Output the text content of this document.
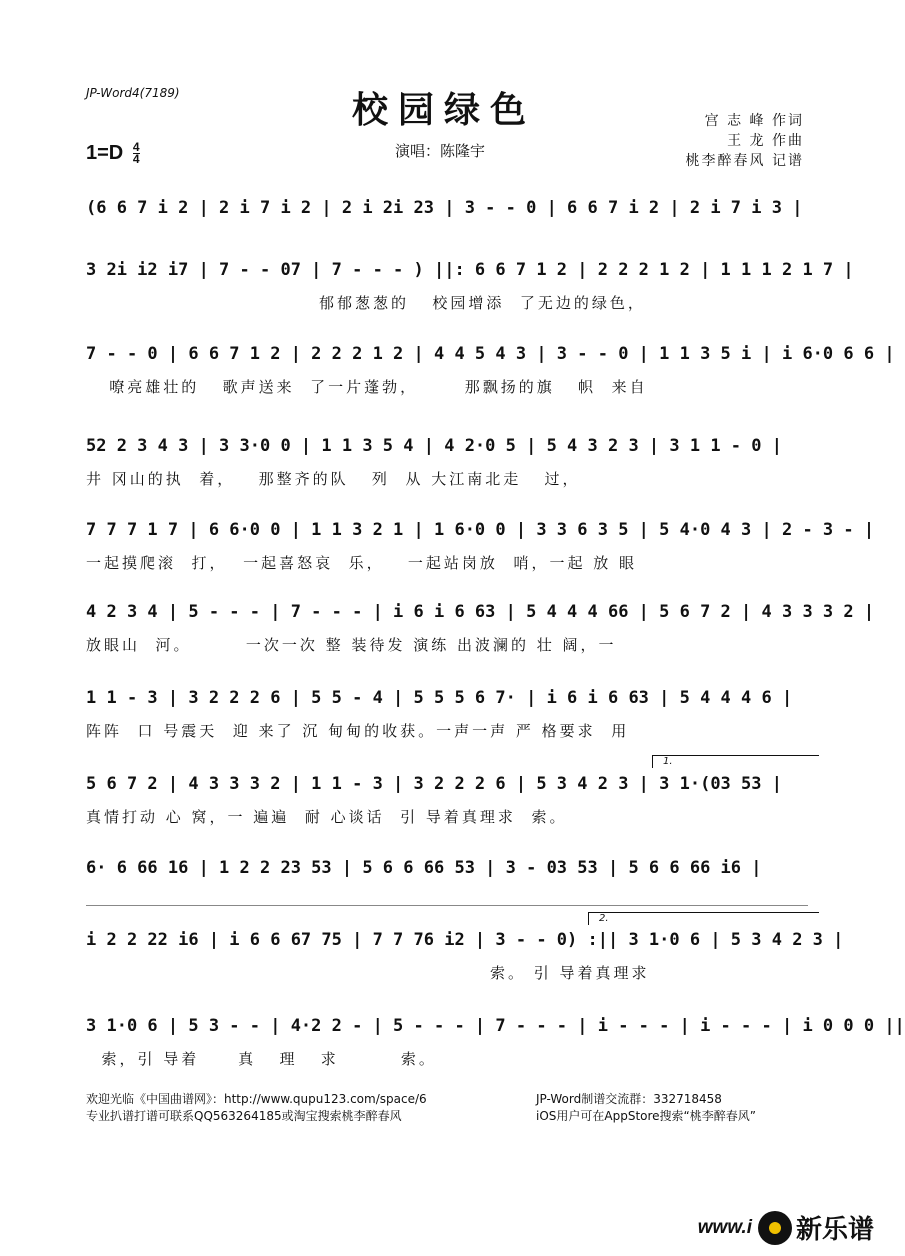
JP-Word4(7189)	校园绿色
$1=D \frac{4}{4}$	演唱：陈隆宇
宫 志 峰 作词
王 龙 作曲
桃李醉春风 记谱
(6 6 7 i 2 | 2 i 7 i 2 | 2 i 2i 23 | 3 - - 0 | 6 6 7 i 2 | 2 i 7 i 3 |
3 2i i2 i7 | 7 - - 07 | 7 - - - ) ||: 6 6 7 1 2 | 2 2 2 1 2 | 1 1 1 2 1 7 |
郁郁葱葱的   校园增添  了无边的绿色，
7 - - 0 | 6 6 7 1 2 | 2 2 2 1 2 | 4 4 5 4 3 | 3 - - 0 | 1 1 3 5 i | i 6·0 6 6 |
嘹亮雄壮的   歌声送来  了一片蓬勃，      那飘扬的旗   帜  来自
52 2 3 4 3 | 3 3·0 0 | 1 1 3 5 4 | 4 2·0 5 | 5 4 3 2 3 | 3 1 1 - 0 |
井 冈山的执  着，   那整齐的队   列  从 大江南北走   过，
7 7 7 1 7 | 6 6·0 0 | 1 1 3 2 1 | 1 6·0 0 | 3 3 6 3 5 | 5 4·0 4 3 | 2 - 3 - |
一起摸爬滚  打，  一起喜怒哀  乐，   一起站岗放  哨，一起 放 眼
4 2 3 4 | 5 - - - | 7 - - - | i 6 i 6 63 | 5 4 4 4 66 | 5 6 7 2 | 4 3 3 3 2 |
放眼山  河。       一次一次 整 装待发 演练 出波澜的 壮 阔，一
1 1 - 3 | 3 2 2 2 6 | 5 5 - 4 | 5 5 5 6 7· | i 6 i 6 63 | 5 4 4 4 6 |
阵阵  口 号震天  迎 来了 沉 甸甸的收获。一声一声 严 格要求  用
5 6 7 2 | 4 3 3 3 2 | 1 1 - 3 | 3 2 2 2 6 | 5 3 4 2 3 | 3 1·(03 53 |
真情打动 心 窝，一 遍遍  耐 心谈话  引 导着真理求  索。
6· 6 66 16 | 1 2 2 23 53 | 5 6 6 66 53 | 3 - 03 53 | 5 6 6 66 i6 |
i 2 2 22 i6 | i 6 6 67 75 | 7 7 76 i2 | 3 - - 0) :|| 3 1·0 6 | 5 3 4 2 3 |
索。 引 导着真理求
3 1·0 6 | 5 3 - - | 4·2 2 - | 5 - - - | 7 - - - | i - - - | i - - - | i 0 0 0 ||
索，引 导着     真   理   求        索。
1.
2.
欢迎光临《中国曲谱网》：http://www.qupu123.com/space/6
专业扒谱打谱可联系QQ563264185或淘宝搜索桃李醉春风
JP-Word制谱交流群：332718458
iOS用户可在AppStore搜索“桃李醉春风”
www.i 新乐谱
